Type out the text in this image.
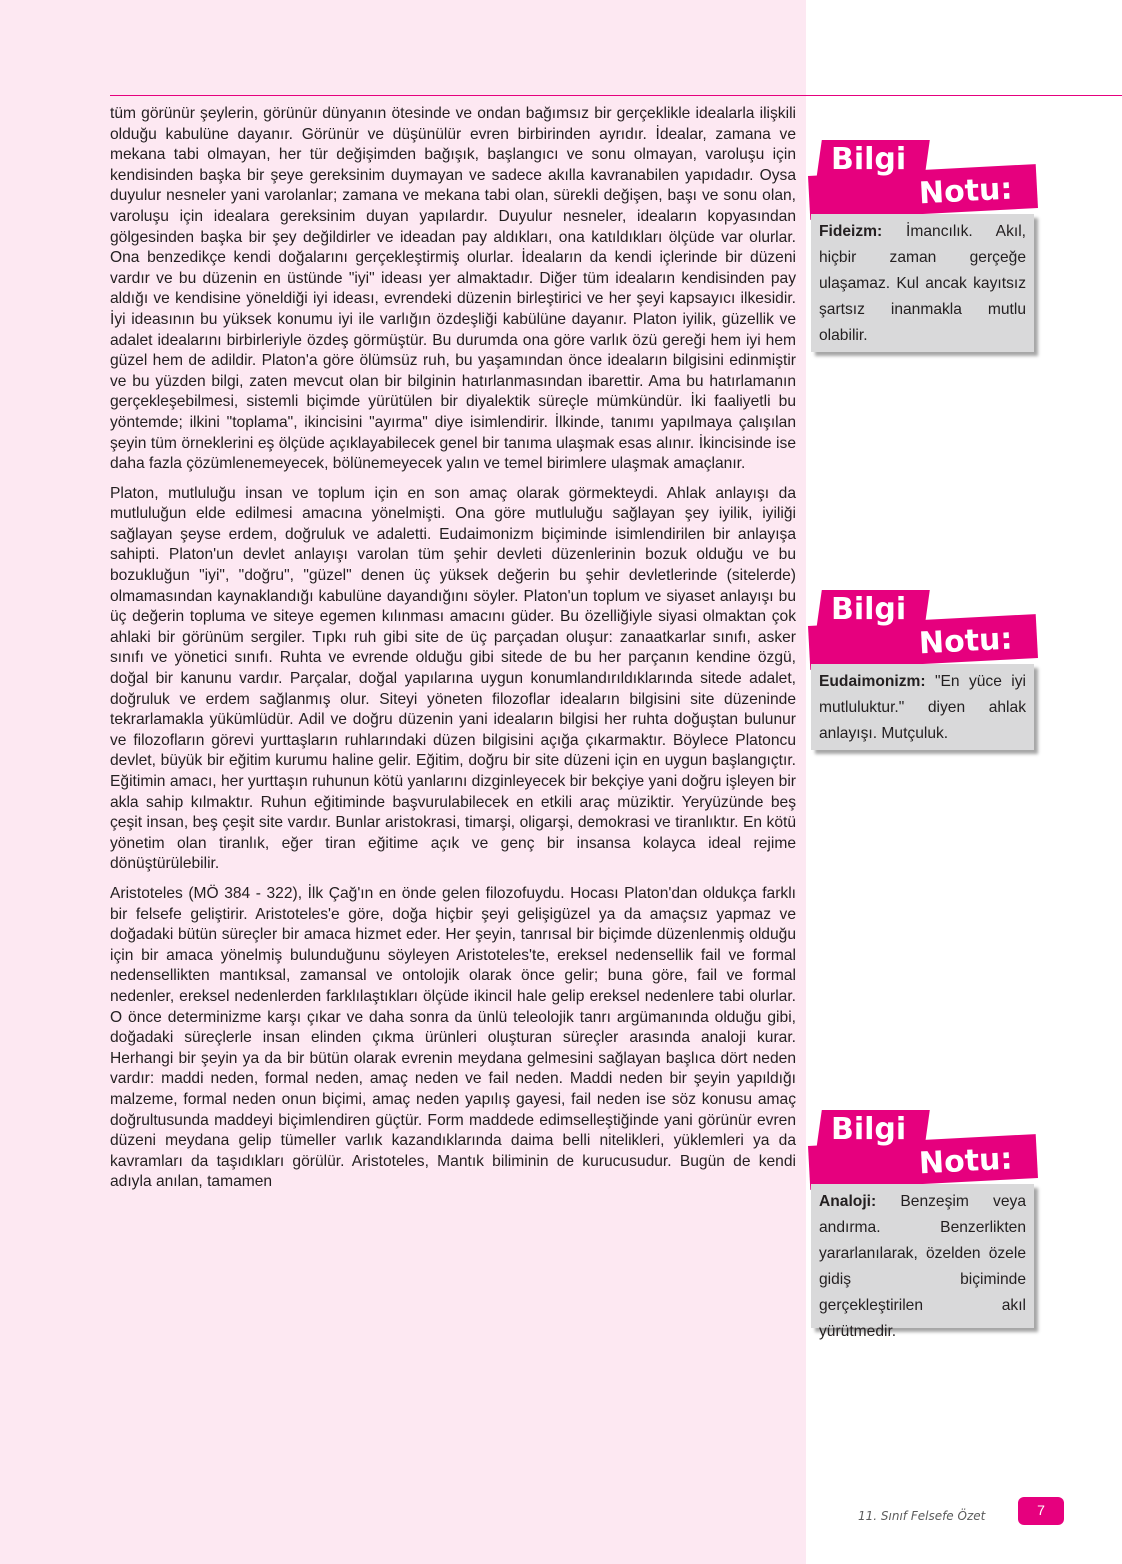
tüm görünür şeylerin, görünür dünyanın ötesinde ve ondan bağımsız bir gerçeklikle idealarla ilişkili olduğu kabulüne dayanır. Görünür ve düşünülür evren birbirinden ayrıdır. İdealar, zamana ve mekana tabi olmayan, her tür değişimden bağışık, başlangıcı ve sonu olmayan, varoluşu için kendisinden başka bir şeye gereksinim duymayan ve sadece akılla kavranabilen yapıdadır. Oysa duyulur nesneler yani varolanlar; zamana ve mekana tabi olan, sürekli değişen, başı ve sonu olan, varoluşu için idealara gereksinim duyan yapılardır. Duyulur nesneler, ideaların kopyasından gölgesinden başka bir şey değildirler ve ideadan pay aldıkları, ona katıldıkları ölçüde var olurlar. Ona benzedikçe kendi doğalarını gerçekleştirmiş olurlar. İdeaların da kendi içlerinde bir düzeni vardır ve bu düzenin en üstünde "iyi" ideası yer almaktadır. Diğer tüm ideaların kendisinden pay aldığı ve kendisine yöneldiği iyi ideası, evrendeki düzenin birleştirici ve her şeyi kapsayıcı ilkesidir. İyi ideasının bu yüksek konumu iyi ile varlığın özdeşliği kabülüne dayanır. Platon iyilik, güzellik ve adalet idealarını birbirleriyle özdeş görmüştür. Bu durumda ona göre varlık özü gereği hem iyi hem güzel hem de adildir. Platon'a göre ölümsüz ruh, bu yaşamından önce ideaların bilgisini edinmiştir ve bu yüzden bilgi, zaten mevcut olan bir bilginin hatırlanmasından ibarettir. Ama bu hatırlamanın gerçekleşebilmesi, sistemli biçimde yürütülen bir diyalektik süreçle mümkündür. İki faaliyetli bu yöntemde; ilkini "toplama", ikincisini "ayırma" diye isimlendirir. İlkinde, tanımı yapılmaya çalışılan şeyin tüm örneklerini eş ölçüde açıklayabilecek genel bir tanıma ulaşmak esas alınır. İkincisinde ise daha fazla çözümlenemeyecek, bölünemeyecek yalın ve temel birimlere ulaşmak amaçlanır.

Platon, mutluluğu insan ve toplum için en son amaç olarak görmekteydi. Ahlak anlayışı da mutluluğun elde edilmesi amacına yönelmişti. Ona göre mutluluğu sağlayan şey iyilik, iyiliği sağlayan şeyse erdem, doğruluk ve adaletti. Eudaimonizm biçiminde isimlendirilen bir anlayışa sahipti. Platon'un devlet anlayışı varolan tüm şehir devleti düzenlerinin bozuk olduğu ve bu bozukluğun "iyi", "doğru", "güzel" denen üç yüksek değerin bu şehir devletlerinde (sitelerde) olmamasından kaynaklandığı kabulüne dayandığını söyler. Platon'un toplum ve siyaset anlayışı bu üç değerin topluma ve siteye egemen kılınması amacını güder. Bu özelliğiyle siyasi olmaktan çok ahlaki bir görünüm sergiler. Tıpkı ruh gibi site de üç parçadan oluşur: zanaatkarlar sınıfı, asker sınıfı ve yönetici sınıfı. Ruhta ve evrende olduğu gibi sitede de bu her parçanın kendine özgü, doğal bir kanunu vardır. Parçalar, doğal yapılarına uygun konumlandırıldıklarında sitede adalet, doğruluk ve erdem sağlanmış olur. Siteyi yöneten filozoflar ideaların bilgisini site düzeninde tekrarlamakla yükümlüdür. Adil ve doğru düzenin yani ideaların bilgisi her ruhta doğuştan bulunur ve filozofların görevi yurttaşların ruhlarındaki düzen bilgisini açığa çıkarmaktır. Böylece Platoncu devlet, büyük bir eğitim kurumu haline gelir. Eğitim, doğru bir site düzeni için en uygun başlangıçtır. Eğitimin amacı, her yurttaşın ruhunun kötü yanlarını dizginleyecek bir bekçiye yani doğru işleyen bir akla sahip kılmaktır. Ruhun eğitiminde başvurulabilecek en etkili araç müziktir. Yeryüzünde beş çeşit insan, beş çeşit site vardır. Bunlar aristokrasi, timarşi, oligarşi, demokrasi ve tiranlıktır. En kötü yönetim olan tiranlık, eğer tiran eğitime açık ve genç bir insansa kolayca ideal rejime dönüştürülebilir.

Aristoteles (MÖ 384 - 322), İlk Çağ'ın en önde gelen filozofuydu. Hocası Platon'dan oldukça farklı bir felsefe geliştirir. Aristoteles'e göre, doğa hiçbir şeyi gelişigüzel ya da amaçsız yapmaz ve doğadaki bütün süreçler bir amaca hizmet eder. Her şeyin, tanrısal bir biçimde düzenlenmiş olduğu için bir amaca yönelmiş bulunduğunu söyleyen Aristoteles'te, ereksel nedensellik fail ve formal nedensellikten mantıksal, zamansal ve ontolojik olarak önce gelir; buna göre, fail ve formal nedenler, ereksel nedenlerden farklılaştıkları ölçüde ikincil hale gelip ereksel nedenlere tabi olurlar. O önce determinizme karşı çıkar ve daha sonra da ünlü teleolojik tanrı argümanında olduğu gibi, doğadaki süreçlerle insan elinden çıkma ürünleri oluşturan süreçler arasında analoji kurar. Herhangi bir şeyin ya da bir bütün olarak evrenin meydana gelmesini sağlayan başlıca dört neden vardır: maddi neden, formal neden, amaç neden ve fail neden. Maddi neden bir şeyin yapıldığı malzeme, formal neden onun biçimi, amaç neden yapılış gayesi, fail neden ise söz konusu amaç doğrultusunda maddeyi biçimlendiren güçtür. Form maddede edimselleştiğinde yani görünür evren düzeni meydana gelip tümeller varlık kazandıklarında daima belli nitelikleri, yüklemleri ya da kavramları da taşıdıkları görülür. Aristoteles, Mantık biliminin de kurucusudur. Bugün de kendi adıyla anılan, tamamen

Bilgi
Notu:
Fideizm: İmancılık. Akıl, hiçbir zaman gerçeğe ulaşamaz. Kul ancak kayıtsız şartsız inanmakla mutlu olabilir.
Bilgi
Notu:
Eudaimonizm: "En yüce iyi mutluluktur." diyen ahlak anlayışı. Mutçuluk.
Bilgi
Notu:
Analoji: Benzeşim veya andırma. Benzerlikten yararlanılarak, özelden özele gidiş biçiminde gerçekleştirilen akıl yürütmedir.
11. Sınıf Felsefe Özet	7
